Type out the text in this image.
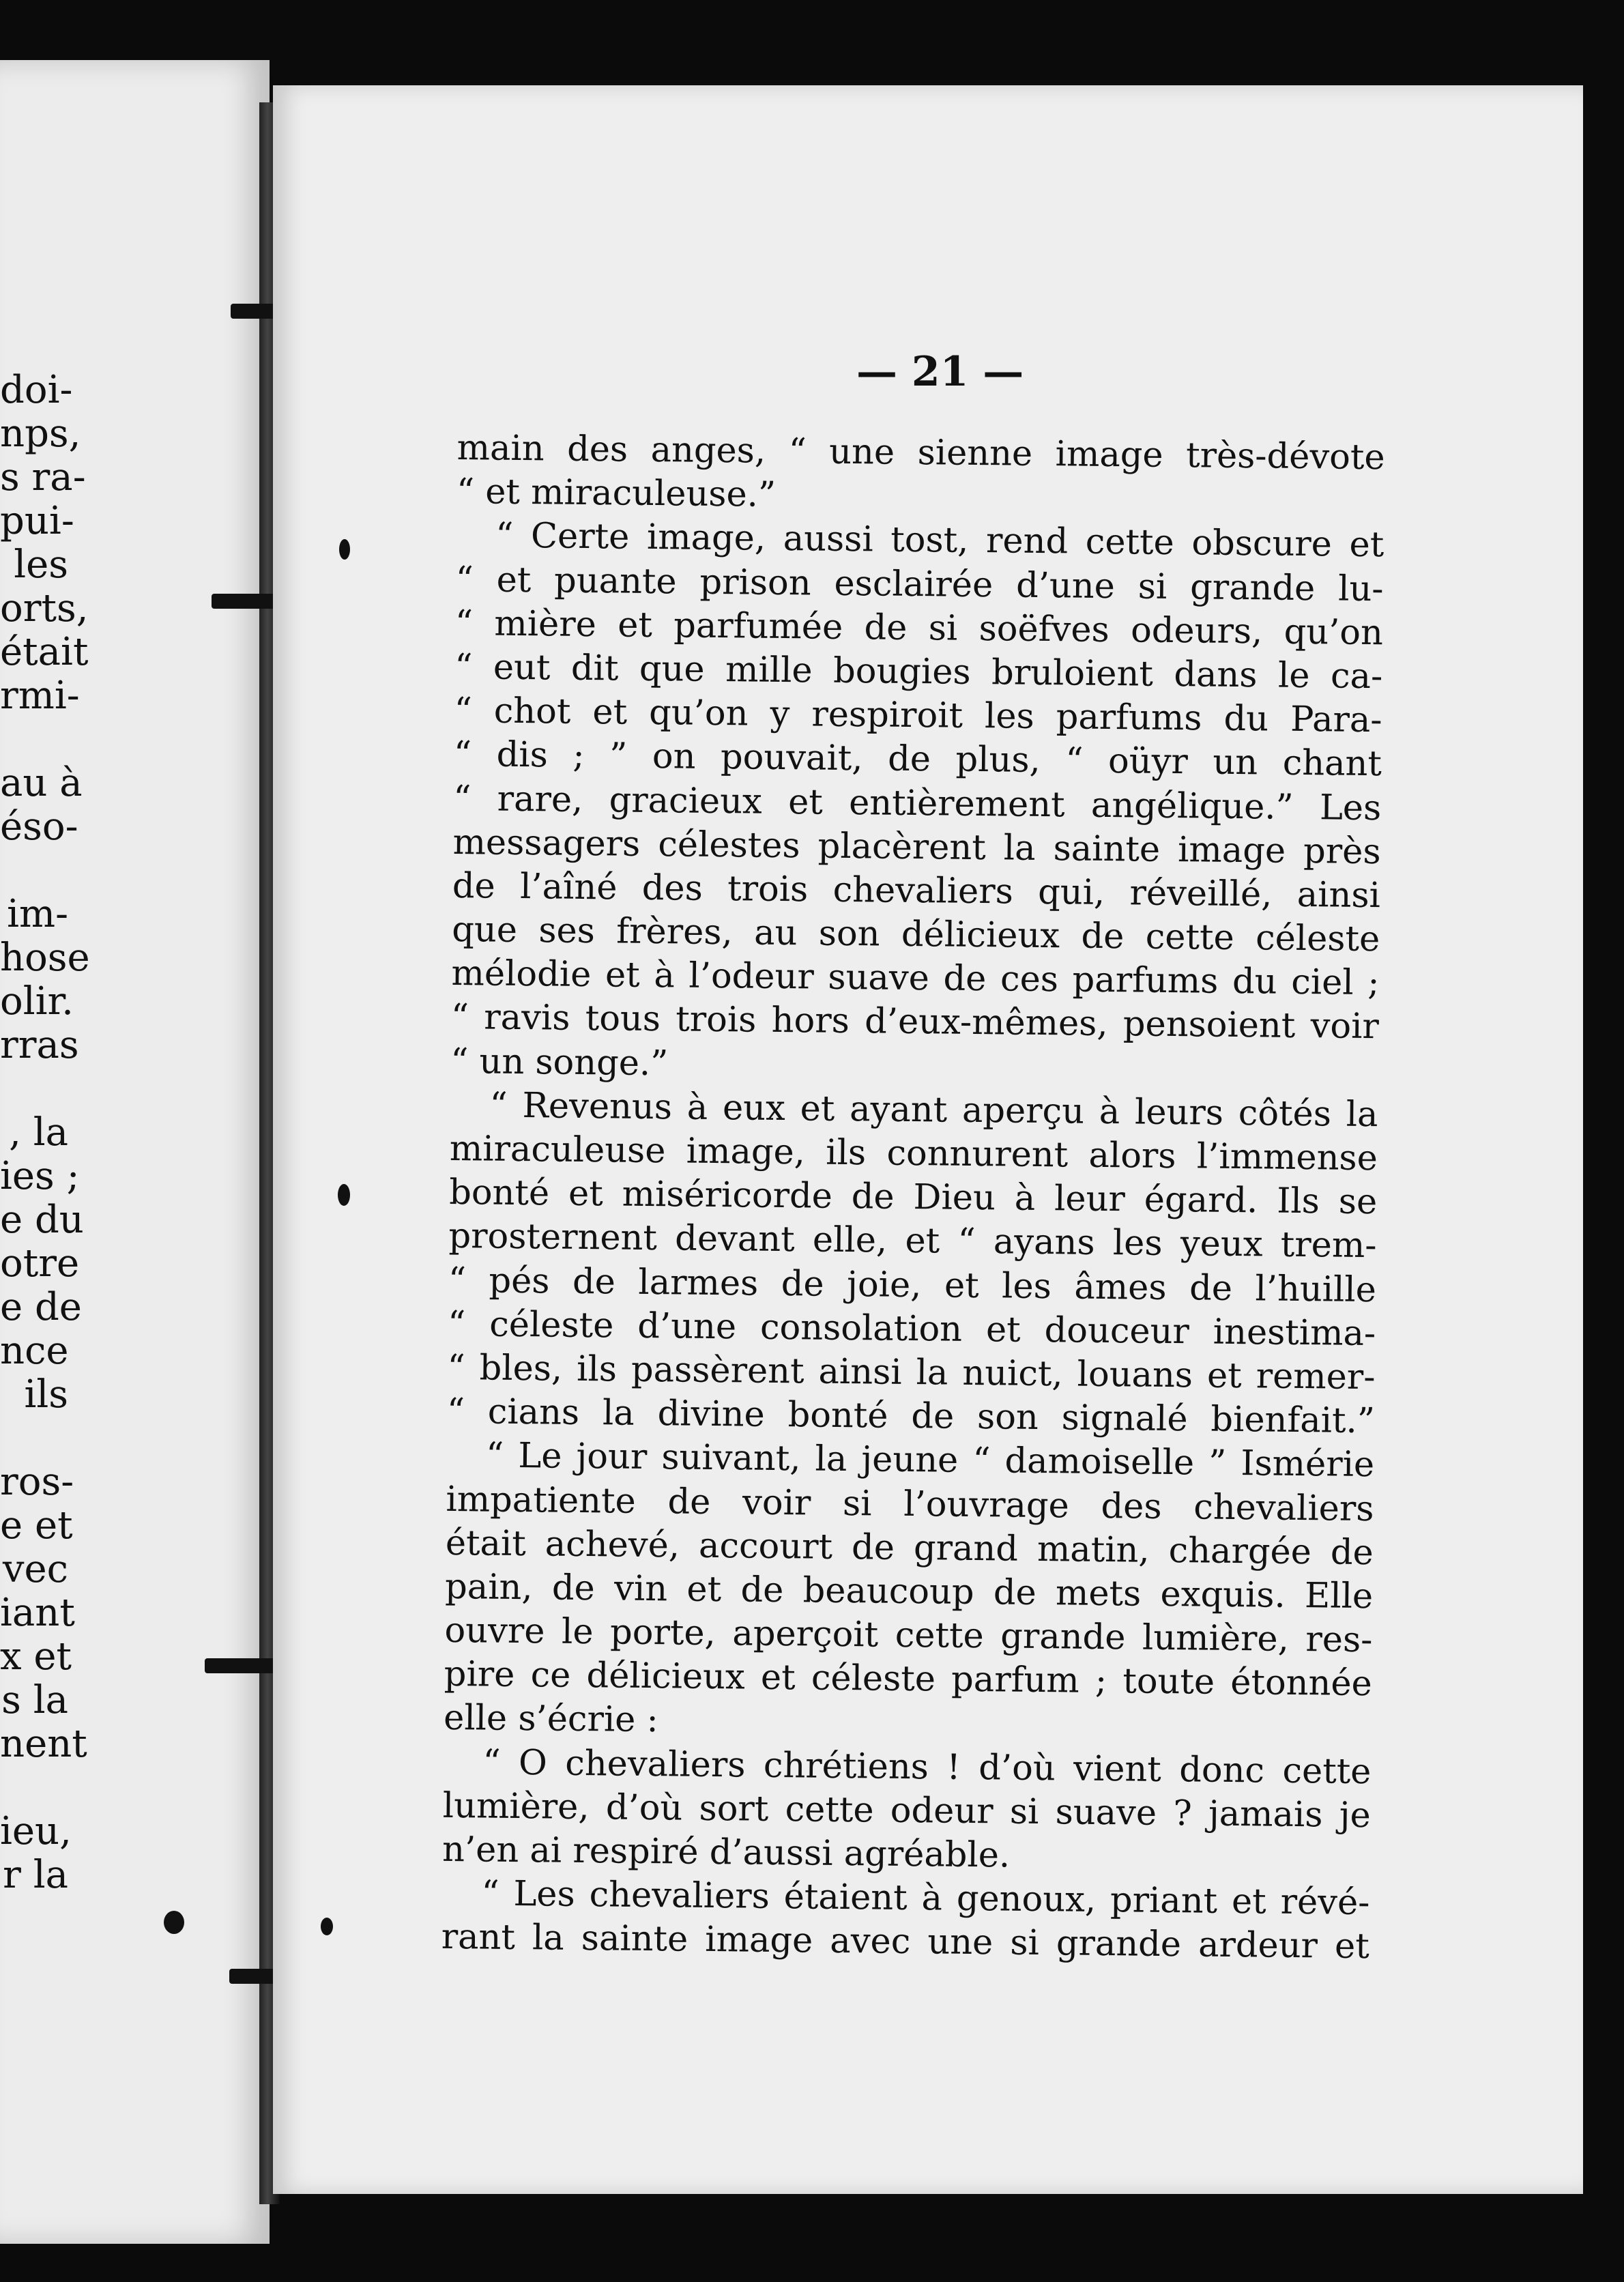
doi-
nps,
s ra-
pui-
les
orts,
était
rmi-
au à
éso-
im-
hose
olir.
rras
, la
ies ;
e du
otre
e de
nce
ils
ros-
e et
vec
iant
x et
s la
nent
ieu,
r la
— 21 —
main des anges, “ une sienne image très-dévote
“ et miraculeuse.”
“ Certe image, aussi tost, rend cette obscure et
“ et puante prison esclairée d’une si grande lu-
“ mière et parfumée de si soëfves odeurs, qu’on
“ eut dit que mille bougies bruloient dans le ca-
“ chot et qu’on y respiroit les parfums du Para-
“ dis ; ” on pouvait, de plus, “ oüyr un chant
“ rare, gracieux et entièrement angélique.” Les
messagers célestes placèrent la sainte image près
de l’aîné des trois chevaliers qui, réveillé, ainsi
que ses frères, au son délicieux de cette céleste
mélodie et à l’odeur suave de ces parfums du ciel ;
“ ravis tous trois hors d’eux-mêmes, pensoient voir
“ un songe.”
“ Revenus à eux et ayant aperçu à leurs côtés la
miraculeuse image, ils connurent alors l’immense
bonté et miséricorde de Dieu à leur égard. Ils se
prosternent devant elle, et “ ayans les yeux trem-
“ pés de larmes de joie, et les âmes de l’huille
“ céleste d’une consolation et douceur inestima-
“ bles, ils passèrent ainsi la nuict, louans et remer-
“ cians la divine bonté de son signalé bienfait.”
“ Le jour suivant, la jeune “ damoiselle ” Ismérie
impatiente de voir si l’ouvrage des chevaliers
était achevé, accourt de grand matin, chargée de
pain, de vin et de beaucoup de mets exquis. Elle
ouvre le porte, aperçoit cette grande lumière, res-
pire ce délicieux et céleste parfum ; toute étonnée
elle s’écrie :
“ O chevaliers chrétiens ! d’où vient donc cette
lumière, d’où sort cette odeur si suave ? jamais je
n’en ai respiré d’aussi agréable.
“ Les chevaliers étaient à genoux, priant et révé-
rant la sainte image avec une si grande ardeur et
